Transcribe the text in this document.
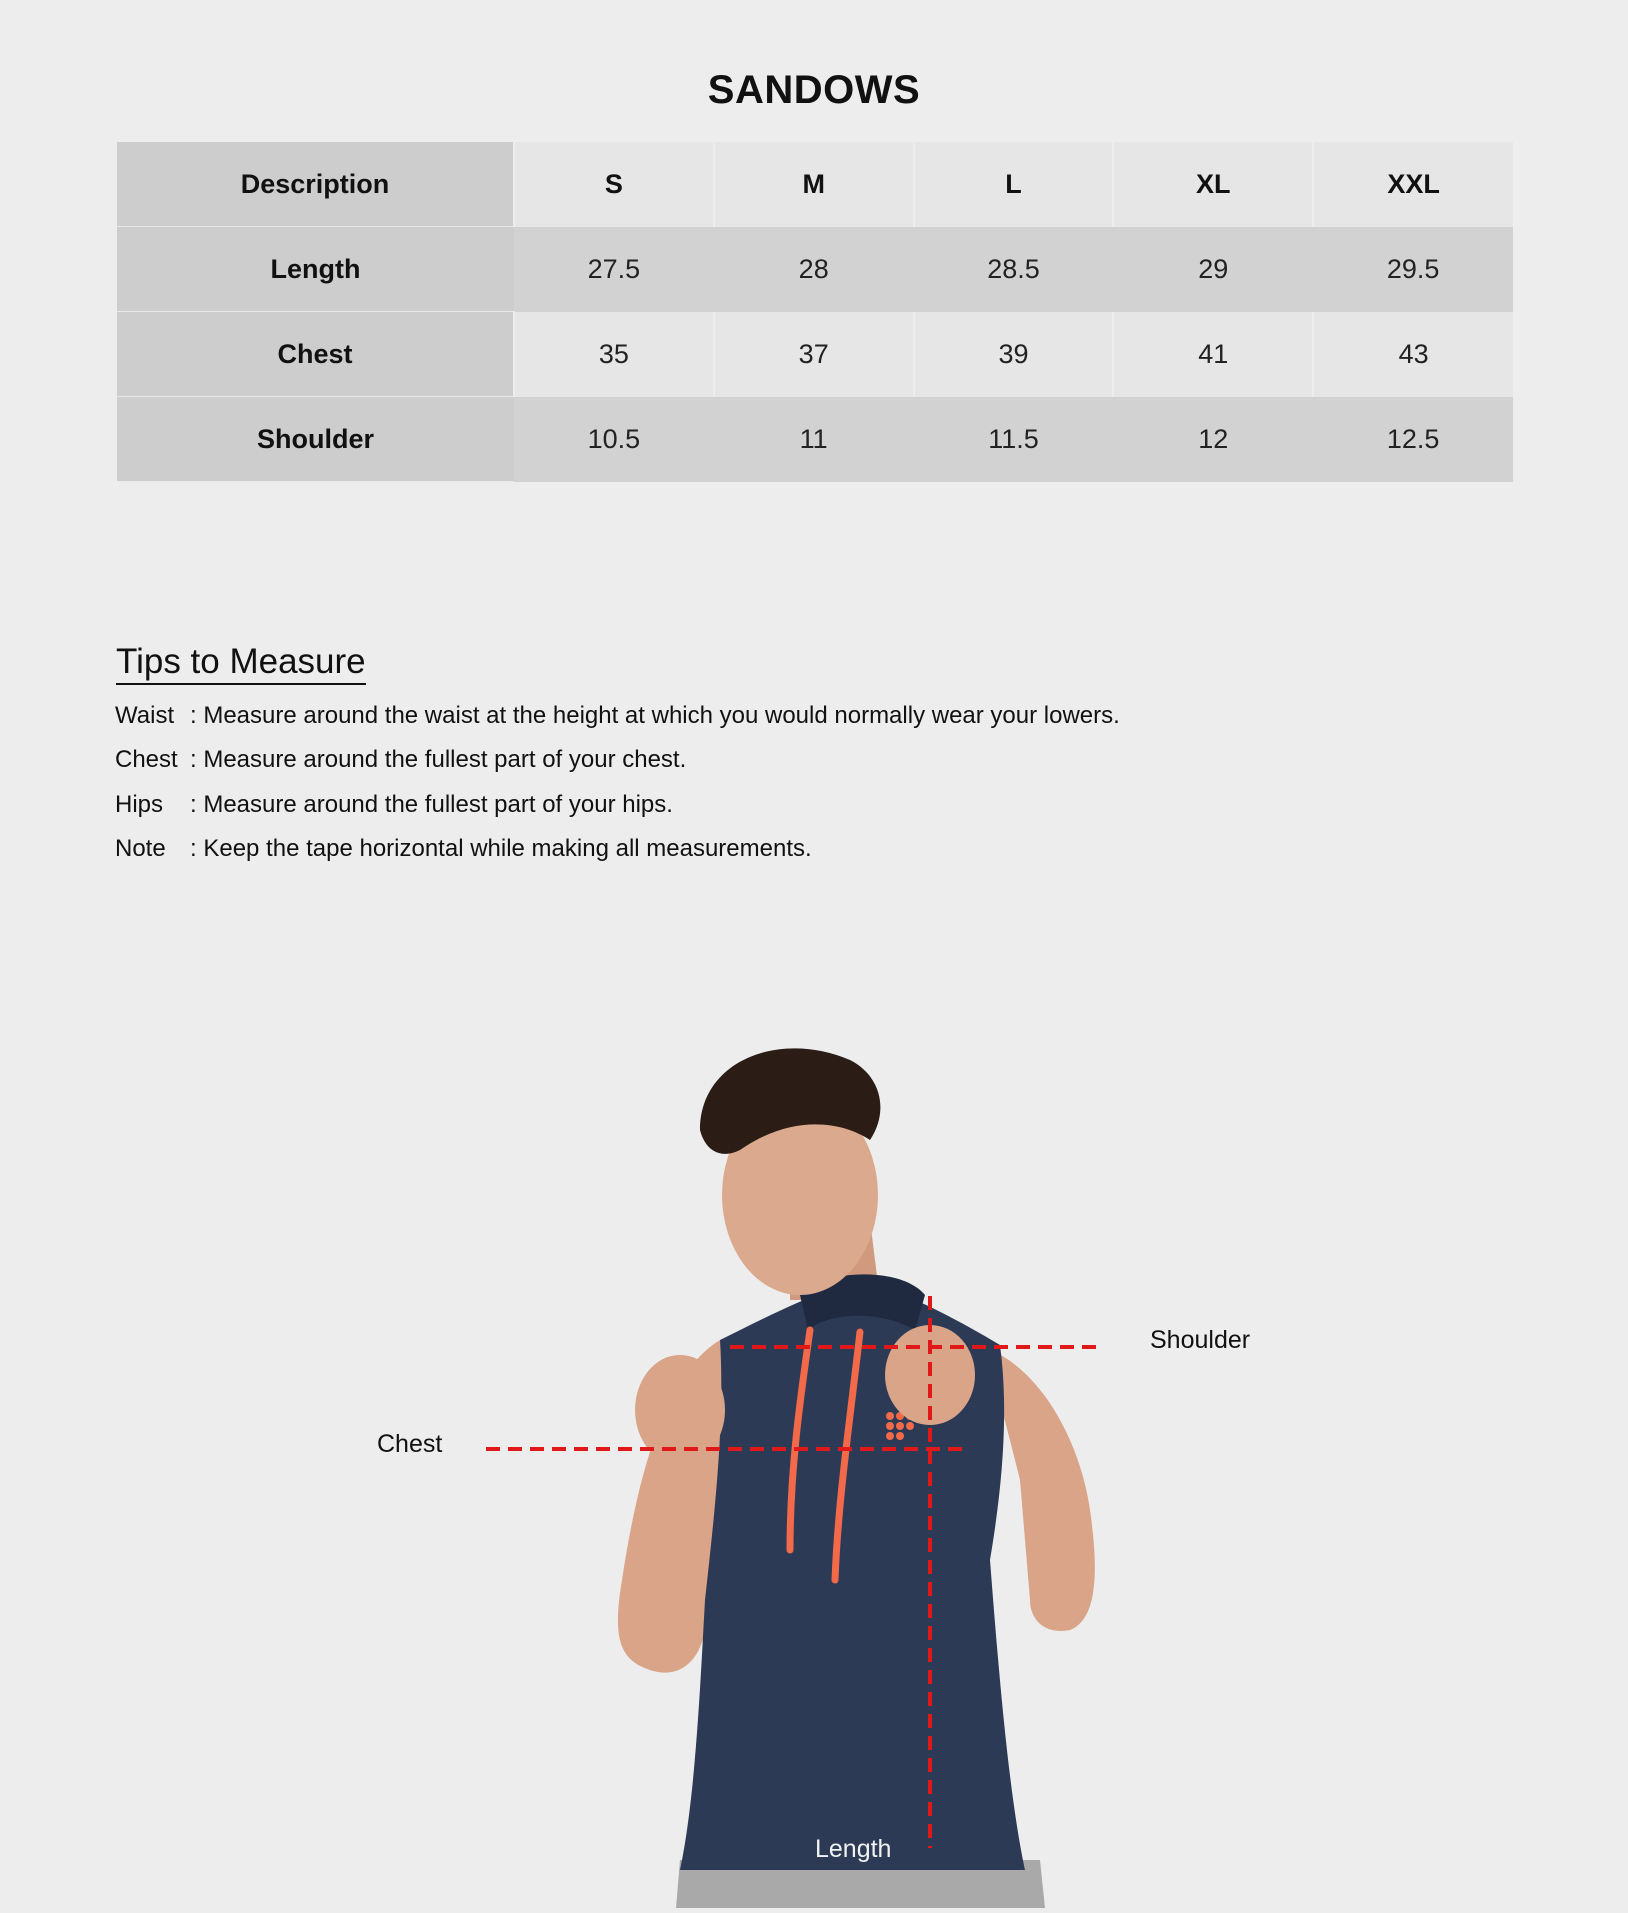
SANDOWS
Description	S	M	L	XL	XXL
Length	27.5	28	28.5	29	29.5
Chest	35	37	39	41	43
Shoulder	10.5	11	11.5	12	12.5
Tips to Measure
Waist : Measure around the waist at the height at which you would normally wear your lowers.
Chest : Measure around the fullest part of your chest.
Hips : Measure around the fullest part of your hips.
Note : Keep the tape horizontal while making all measurements.
Shoulder
Chest
Length
